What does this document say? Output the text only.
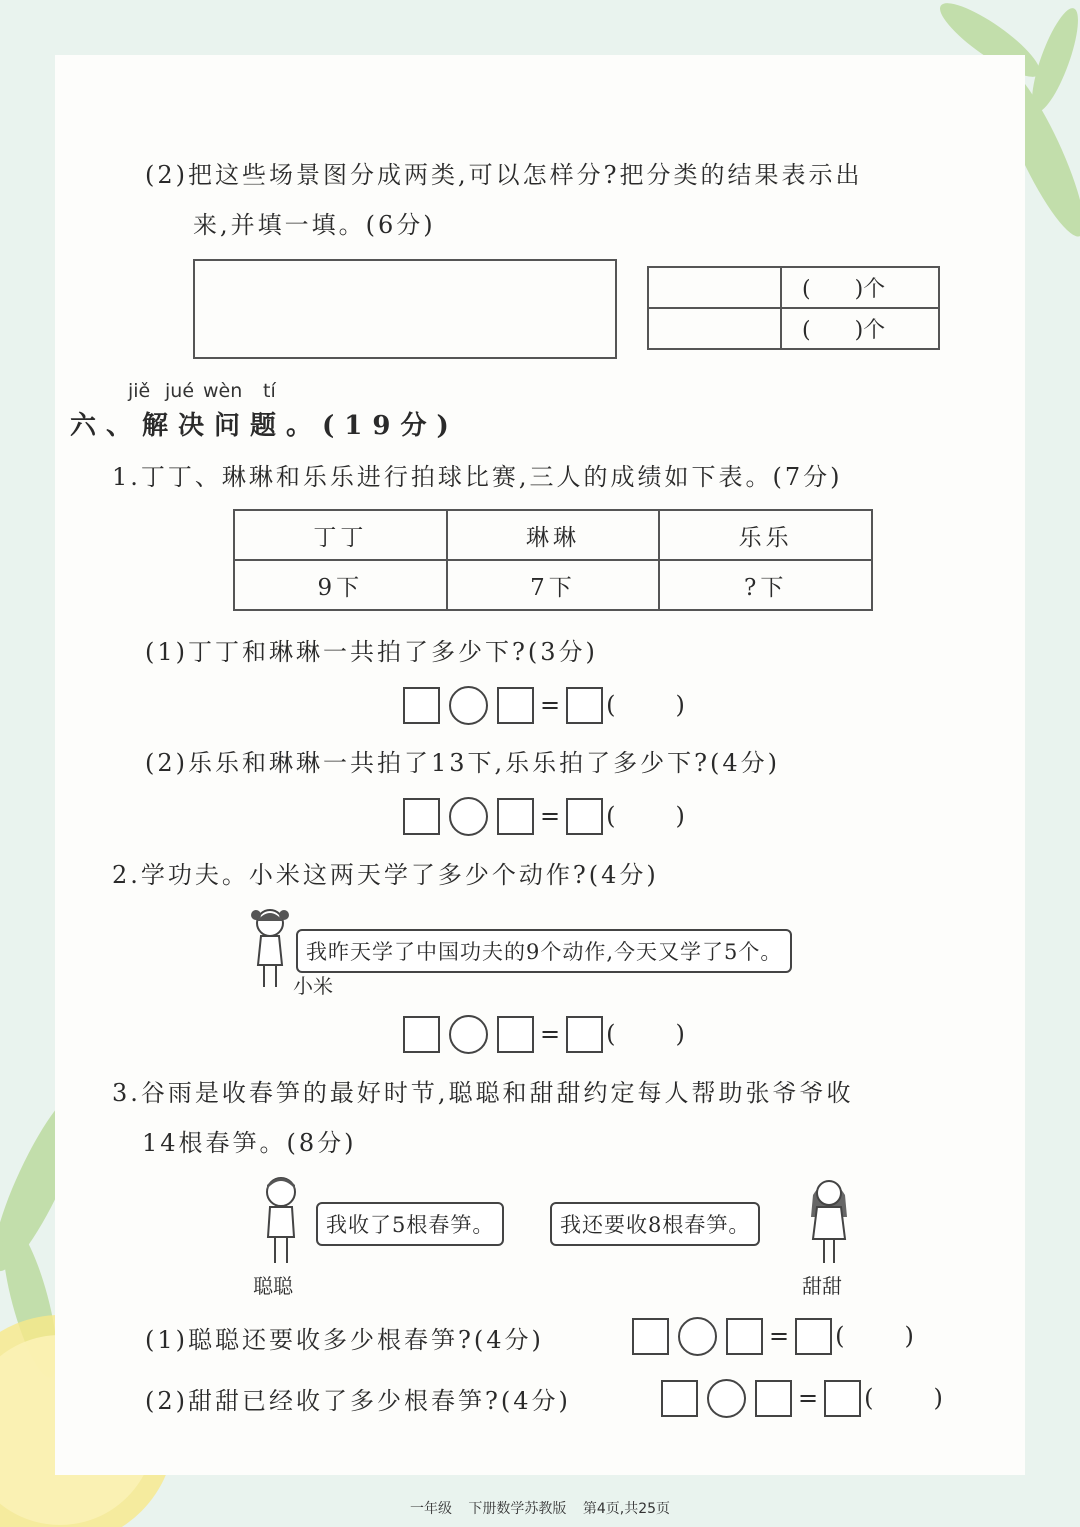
(2)把这些场景图分成两类,可以怎样分?把分类的结果表示出
来,并填一填。(6分)
	(　　)个
	(　　)个
jiě jué wèn tí
六、解决问题。(19分)
1.丁丁、琳琳和乐乐进行拍球比赛,三人的成绩如下表。(7分)
丁丁	琳琳	乐乐
9下	7下	?下
(1)丁丁和琳琳一共拍了多少下?(3分)
= ()
(2)乐乐和琳琳一共拍了13下,乐乐拍了多少下?(4分)
= ()
2.学功夫。小米这两天学了多少个动作?(4分)
我昨天学了中国功夫的9个动作,今天又学了5个。
小米
= ()
3.谷雨是收春笋的最好时节,聪聪和甜甜约定每人帮助张爷爷收
14根春笋。(8分)
我收了5根春笋。	我还要收8根春笋。
聪聪	甜甜
(1)聪聪还要收多少根春笋?(4分)	= ()
(2)甜甜已经收了多少根春笋?(4分)	= ()
一年级 下册数学苏教版 第4页,共25页
